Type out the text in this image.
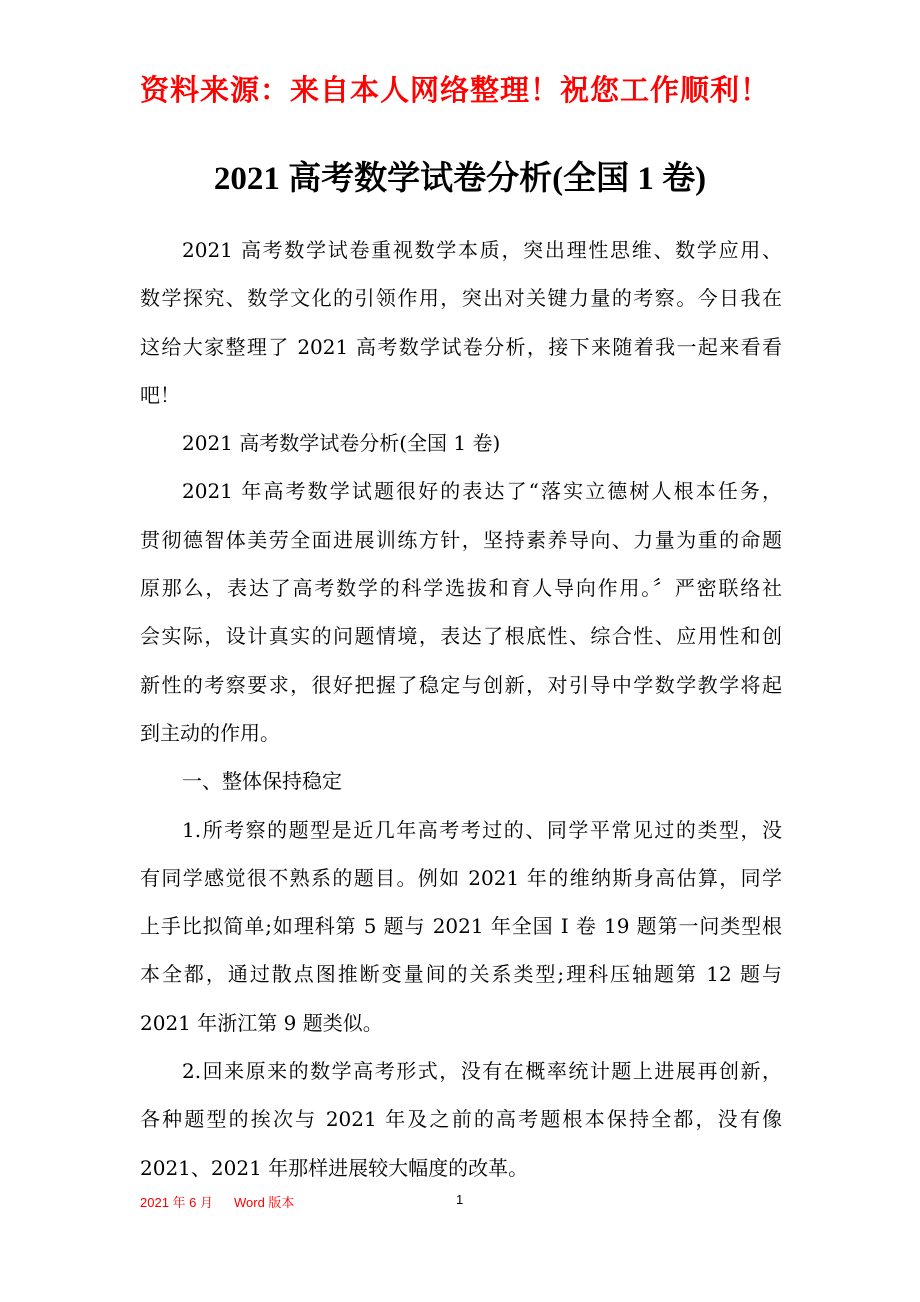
资料来源：来自本人网络整理！祝您工作顺利！
2021 高考数学试卷分析(全国 1 卷)
2021 高考数学试卷重视数学本质，突出理性思维、数学应用、
数学探究、数学文化的引领作用，突出对关键力量的考察。今日我在
这给大家整理了 2021 高考数学试卷分析，接下来随着我一起来看看
吧！
2021 高考数学试卷分析(全国 1 卷)
2021 年高考数学试题很好的表达了“落实立德树人根本任务，
贯彻德智体美劳全面进展训练方针，坚持素养导向、力量为重的命题
原那么，表达了高考数学的科学选拔和育人导向作用。〞严密联络社
会实际，设计真实的问题情境，表达了根底性、综合性、应用性和创
新性的考察要求，很好把握了稳定与创新，对引导中学数学教学将起
到主动的作用。
一、整体保持稳定
1.所考察的题型是近几年高考考过的、同学平常见过的类型，没
有同学感觉很不熟系的题目。例如 2021 年的维纳斯身高估算，同学
上手比拟简单;如理科第 5 题与 2021 年全国 I 卷 19 题第一问类型根
本全都，通过散点图推断变量间的关系类型;理科压轴题第 12 题与
2021 年浙江第 9 题类似。
2.回来原来的数学高考形式，没有在概率统计题上进展再创新，
各种题型的挨次与 2021 年及之前的高考题根本保持全都，没有像
2021、2021 年那样进展较大幅度的改革。
2021 年 6 月 Word 版本	1
